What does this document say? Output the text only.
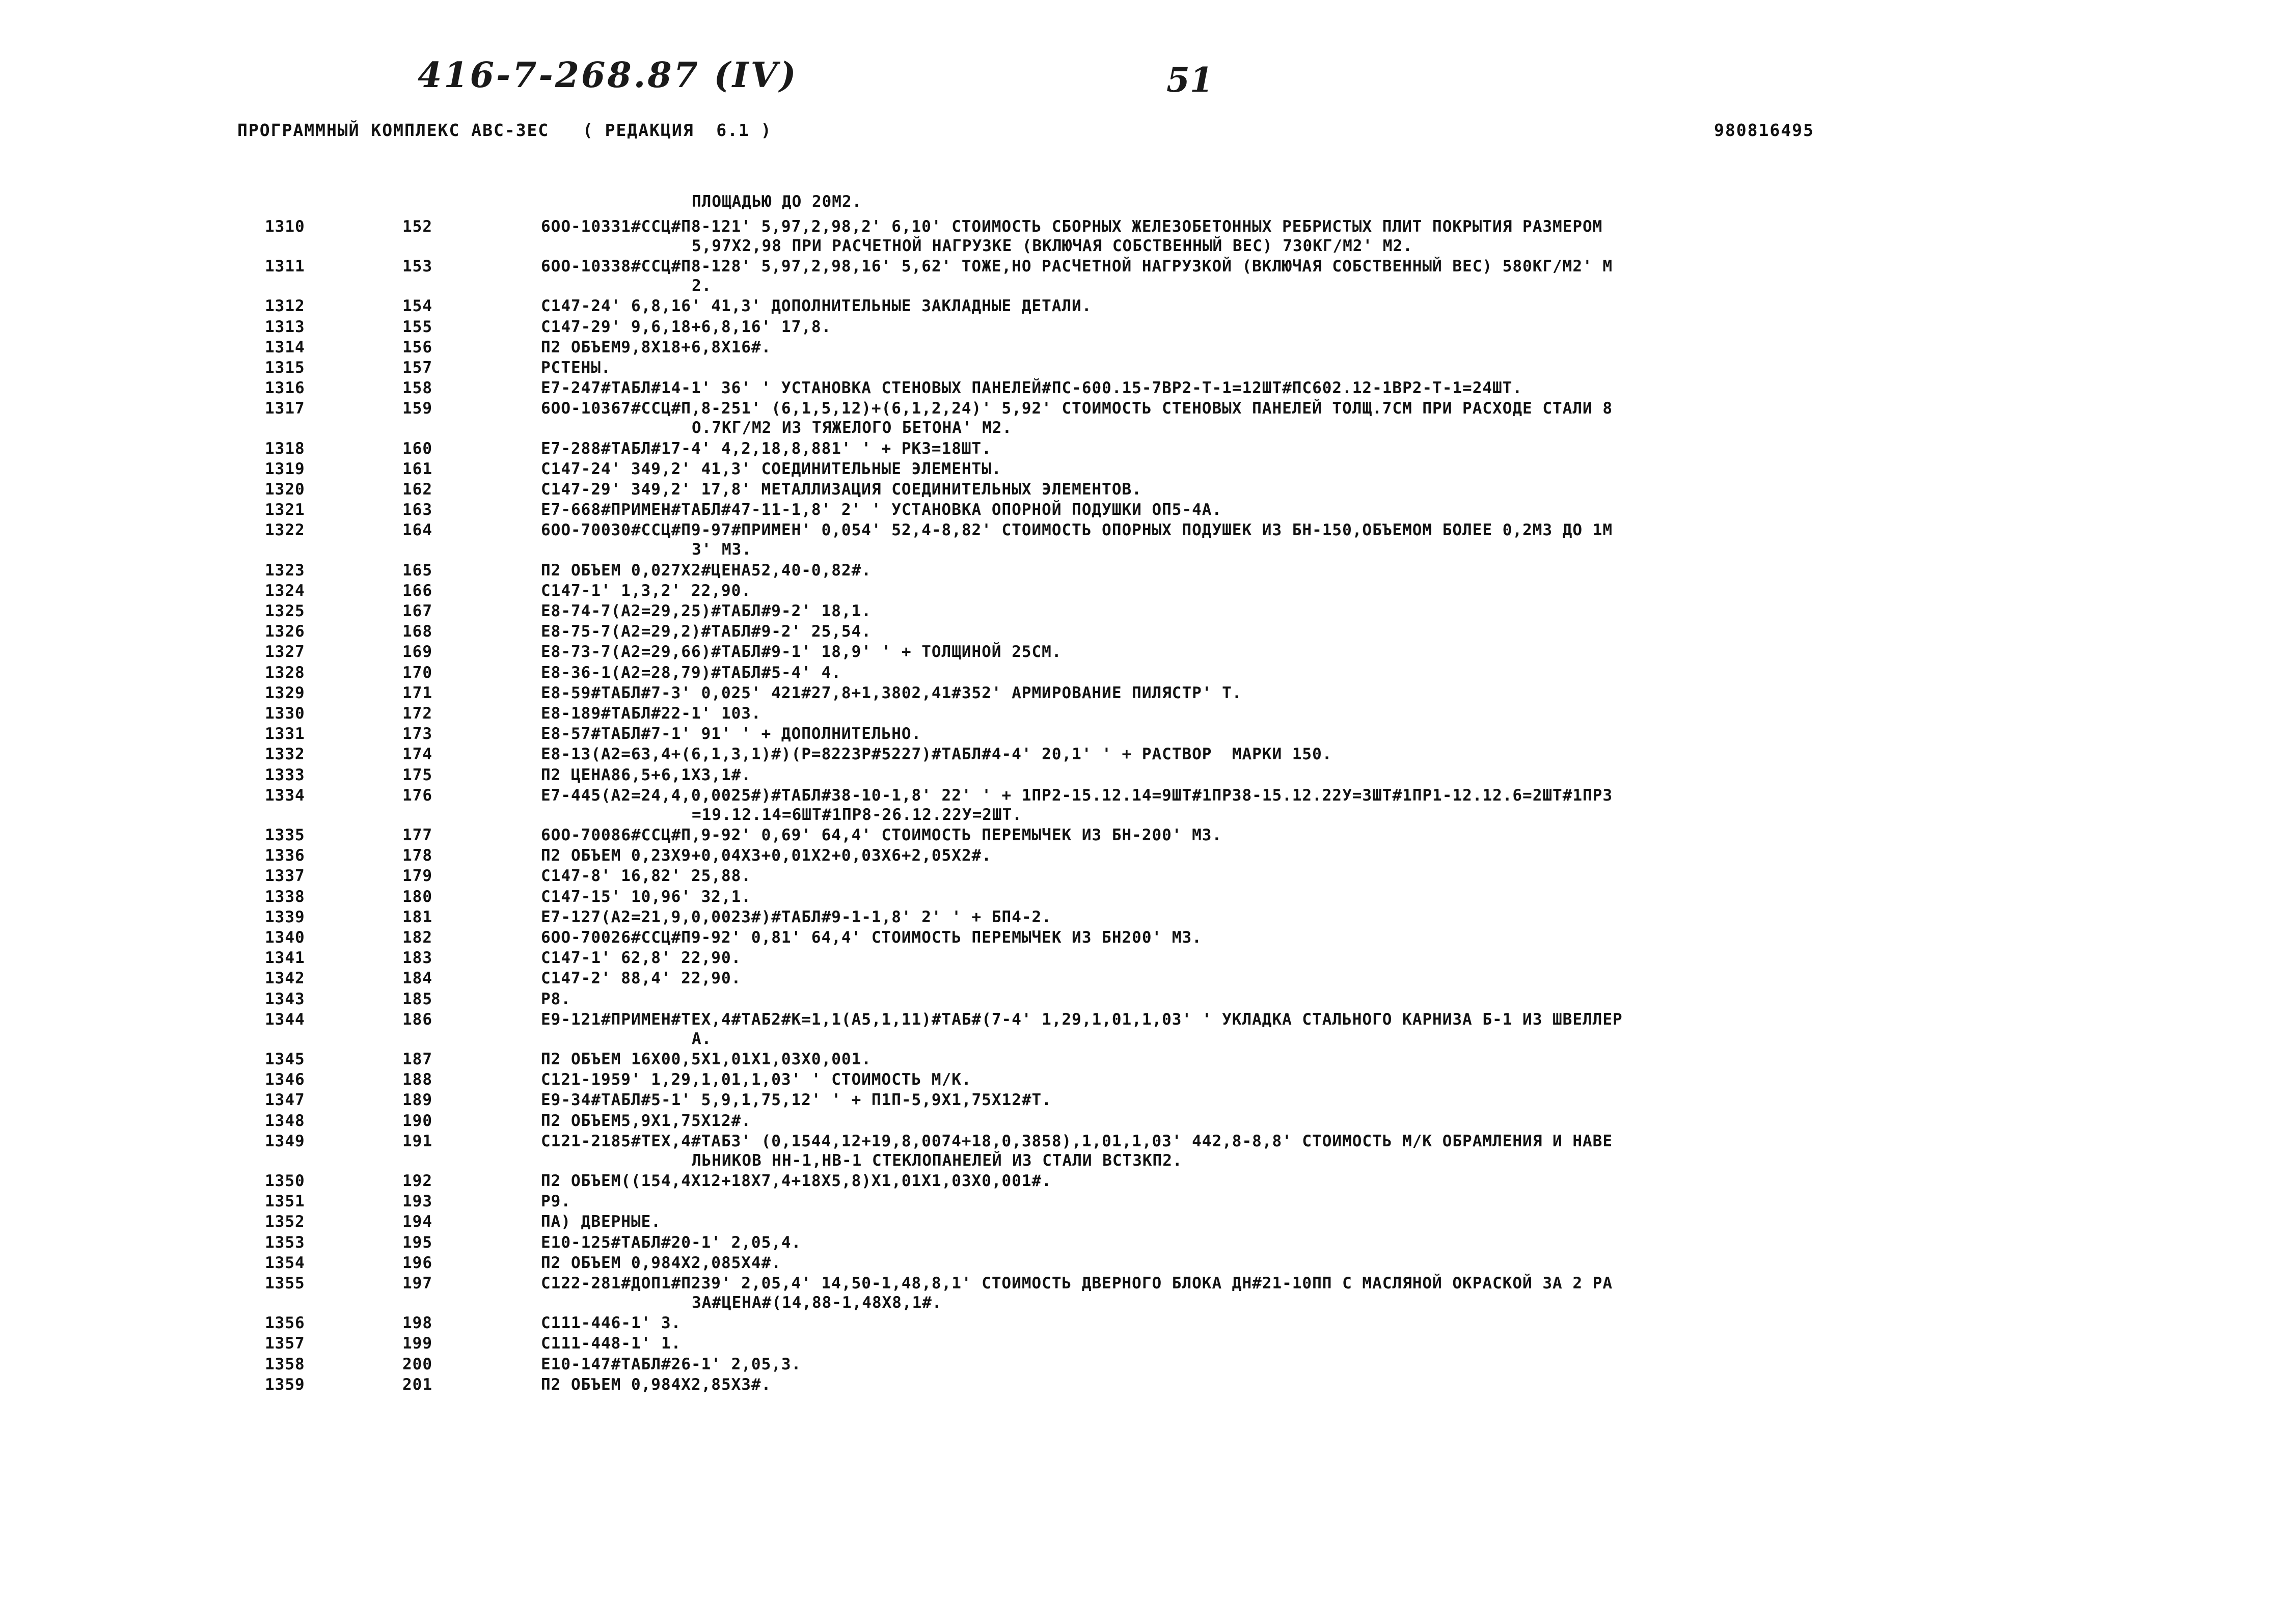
416-7-268.87 (IV)	51
ПРОГРАММНЫЙ КОМПЛЕКС АВС-3ЕС   ( РЕДАКЦИЯ  6.1 )	980816495
ПЛОЩАДЬЮ ДО 20М2.
1310	152	6ОО-10331#ССЦ#П8-121' 5,97,2,98,2' 6,10' СТОИМОСТЬ СБОРНЫХ ЖЕЛЕЗОБЕТОННЫХ РЕБРИСТЫХ ПЛИТ ПОКРЫТИЯ РАЗМЕРОМ
5,97Х2,98 ПРИ РАСЧЕТНОЙ НАГРУЗКЕ (ВКЛЮЧАЯ СОБСТВЕННЫЙ ВЕС) 730КГ/М2' М2.
1311	153	6ОО-10338#ССЦ#П8-128' 5,97,2,98,16' 5,62' ТОЖЕ,НО РАСЧЕТНОЙ НАГРУЗКОЙ (ВКЛЮЧАЯ СОБСТВЕННЫЙ ВЕС) 580КГ/М2' М
2.
1312	154	С147-24' 6,8,16' 41,3' ДОПОЛНИТЕЛЬНЫЕ ЗАКЛАДНЫЕ ДЕТАЛИ.
1313	155	С147-29' 9,6,18+6,8,16' 17,8.
1314	156	П2 ОБЪЕМ9,8Х18+6,8Х16#.
1315	157	РСТЕНЫ.
1316	158	Е7-247#ТАБЛ#14-1' 36' ' УСТАНОВКА СТЕНОВЫХ ПАНЕЛЕЙ#ПС-600.15-7ВР2-Т-1=12ШТ#ПС602.12-1ВР2-Т-1=24ШТ.
1317	159	6ОО-10367#ССЦ#П,8-251' (6,1,5,12)+(6,1,2,24)' 5,92' СТОИМОСТЬ СТЕНОВЫХ ПАНЕЛЕЙ ТОЛЩ.7СМ ПРИ РАСХОДЕ СТАЛИ 8
О.7КГ/М2 ИЗ ТЯЖЕЛОГО БЕТОНА' М2.
1318	160	Е7-288#ТАБЛ#17-4' 4,2,18,8,881' ' + РК3=18ШТ.
1319	161	С147-24' 349,2' 41,3' СОЕДИНИТЕЛЬНЫЕ ЭЛЕМЕНТЫ.
1320	162	С147-29' 349,2' 17,8' МЕТАЛЛИЗАЦИЯ СОЕДИНИТЕЛЬНЫХ ЭЛЕМЕНТОВ.
1321	163	Е7-668#ПРИМЕН#ТАБЛ#47-11-1,8' 2' ' УСТАНОВКА ОПОРНОЙ ПОДУШКИ ОП5-4А.
1322	164	6ОО-70030#ССЦ#П9-97#ПРИМЕН' 0,054' 52,4-8,82' СТОИМОСТЬ ОПОРНЫХ ПОДУШЕК ИЗ БН-150,ОБЪЕМОМ БОЛЕЕ 0,2М3 ДО 1М
3' М3.
1323	165	П2 ОБЪЕМ 0,027Х2#ЦЕНА52,40-0,82#.
1324	166	С147-1' 1,3,2' 22,90.
1325	167	Е8-74-7(А2=29,25)#ТАБЛ#9-2' 18,1.
1326	168	Е8-75-7(А2=29,2)#ТАБЛ#9-2' 25,54.
1327	169	Е8-73-7(А2=29,66)#ТАБЛ#9-1' 18,9' ' + ТОЛЩИНОЙ 25СМ.
1328	170	Е8-36-1(А2=28,79)#ТАБЛ#5-4' 4.
1329	171	Е8-59#ТАБЛ#7-3' 0,025' 421#27,8+1,3802,41#352' АРМИРОВАНИЕ ПИЛЯСТР' Т.
1330	172	Е8-189#ТАБЛ#22-1' 103.
1331	173	Е8-57#ТАБЛ#7-1' 91' ' + ДОПОЛНИТЕЛЬНО.
1332	174	Е8-13(А2=63,4+(6,1,3,1)#)(Р=8223Р#5227)#ТАБЛ#4-4' 20,1' ' + РАСТВОР  МАРКИ 150.
1333	175	П2 ЦЕНА86,5+6,1Х3,1#.
1334	176	Е7-445(А2=24,4,0,0025#)#ТАБЛ#38-10-1,8' 22' ' + 1ПР2-15.12.14=9ШТ#1ПР38-15.12.22У=3ШТ#1ПР1-12.12.6=2ШТ#1ПР3
=19.12.14=6ШТ#1ПР8-26.12.22У=2ШТ.
1335	177	6ОО-70086#ССЦ#П,9-92' 0,69' 64,4' СТОИМОСТЬ ПЕРЕМЫЧЕК ИЗ БН-200' М3.
1336	178	П2 ОБЪЕМ 0,23Х9+0,04Х3+0,01Х2+0,03Х6+2,05Х2#.
1337	179	С147-8' 16,82' 25,88.
1338	180	С147-15' 10,96' 32,1.
1339	181	Е7-127(А2=21,9,0,0023#)#ТАБЛ#9-1-1,8' 2' ' + БП4-2.
1340	182	6ОО-70026#ССЦ#П9-92' 0,81' 64,4' СТОИМОСТЬ ПЕРЕМЫЧЕК ИЗ БН200' М3.
1341	183	С147-1' 62,8' 22,90.
1342	184	С147-2' 88,4' 22,90.
1343	185	Р8.
1344	186	Е9-121#ПРИМЕН#ТЕХ,4#ТАБ2#К=1,1(А5,1,11)#ТАБ#(7-4' 1,29,1,01,1,03' ' УКЛАДКА СТАЛЬНОГО КАРНИЗА Б-1 ИЗ ШВЕЛЛЕР
А.
1345	187	П2 ОБЪЕМ 16Х00,5Х1,01Х1,03Х0,001.
1346	188	С121-1959' 1,29,1,01,1,03' ' СТОИМОСТЬ М/К.
1347	189	Е9-34#ТАБЛ#5-1' 5,9,1,75,12' ' + П1П-5,9Х1,75Х12#Т.
1348	190	П2 ОБЪЕМ5,9Х1,75Х12#.
1349	191	С121-2185#ТЕХ,4#ТАБ3' (0,1544,12+19,8,0074+18,0,3858),1,01,1,03' 442,8-8,8' СТОИМОСТЬ М/К ОБРАМЛЕНИЯ И НАВЕ
ЛЬНИКОВ НН-1,НВ-1 СТЕКЛОПАНЕЛЕЙ ИЗ СТАЛИ ВСТ3КП2.
1350	192	П2 ОБЪЕМ((154,4Х12+18Х7,4+18Х5,8)Х1,01Х1,03Х0,001#.
1351	193	Р9.
1352	194	ПА) ДВЕРНЫЕ.
1353	195	Е10-125#ТАБЛ#20-1' 2,05,4.
1354	196	П2 ОБЪЕМ 0,984Х2,085Х4#.
1355	197	С122-281#ДОП1#П239' 2,05,4' 14,50-1,48,8,1' СТОИМОСТЬ ДВЕРНОГО БЛОКА ДН#21-10ПП С МАСЛЯНОЙ ОКРАСКОЙ ЗА 2 РА
ЗА#ЦЕНА#(14,88-1,48Х8,1#.
1356	198	С111-446-1' 3.
1357	199	С111-448-1' 1.
1358	200	Е10-147#ТАБЛ#26-1' 2,05,3.
1359	201	П2 ОБЪЕМ 0,984Х2,85Х3#.
